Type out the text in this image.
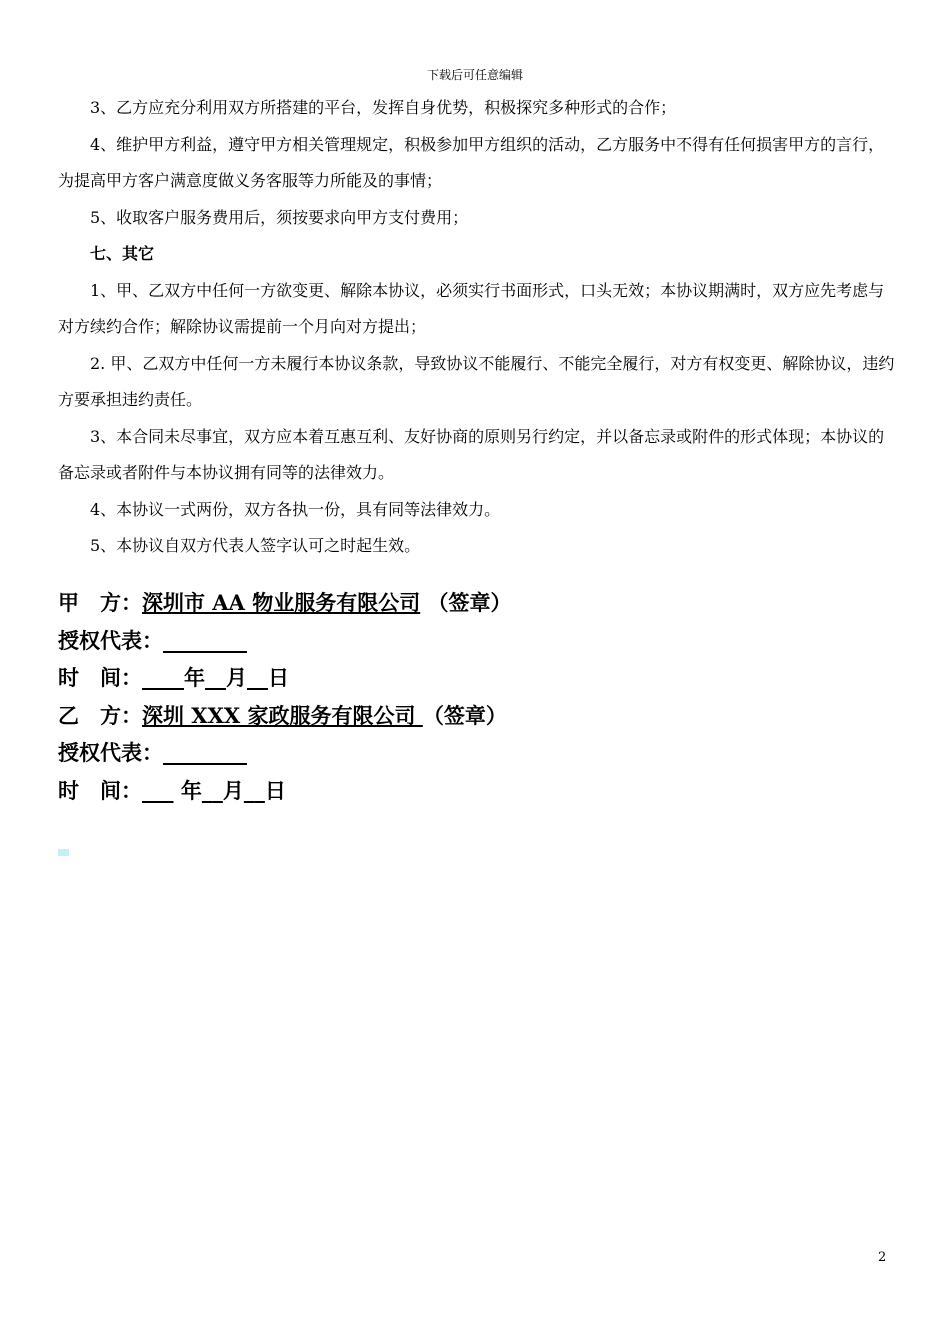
下载后可任意编辑

3、乙方应充分利用双方所搭建的平台，发挥自身优势，积极探究多种形式的合作；

4、维护甲方利益，遵守甲方相关管理规定，积极参加甲方组织的活动，乙方服务中不得有任何损害甲方的言行，为提高甲方客户满意度做义务客服等力所能及的事情；

5、收取客户服务费用后，须按要求向甲方支付费用；

七、其它

1、甲、乙双方中任何一方欲变更、解除本协议，必须实行书面形式，口头无效；本协议期满时，双方应先考虑与对方续约合作；解除协议需提前一个月向对方提出；

2. 甲、乙双方中任何一方未履行本协议条款，导致协议不能履行、不能完全履行，对方有权变更、解除协议，违约方要承担违约责任。

3、本合同未尽事宜，双方应本着互惠互利、友好协商的原则另行约定，并以备忘录或附件的形式体现；本协议的备忘录或者附件与本协议拥有同等的法律效力。

4、本协议一式两份，双方各执一份，具有同等法律效力。

5、本协议自双方代表人签字认可之时起生效。

甲　方：深圳市 AA 物业服务有限公司 （签章）
授权代表：________
时　间：____年__月__日
乙　方：深圳 XXX 家政服务有限公司 （签章）
授权代表：________
时　间：___ 年__月__日
2
